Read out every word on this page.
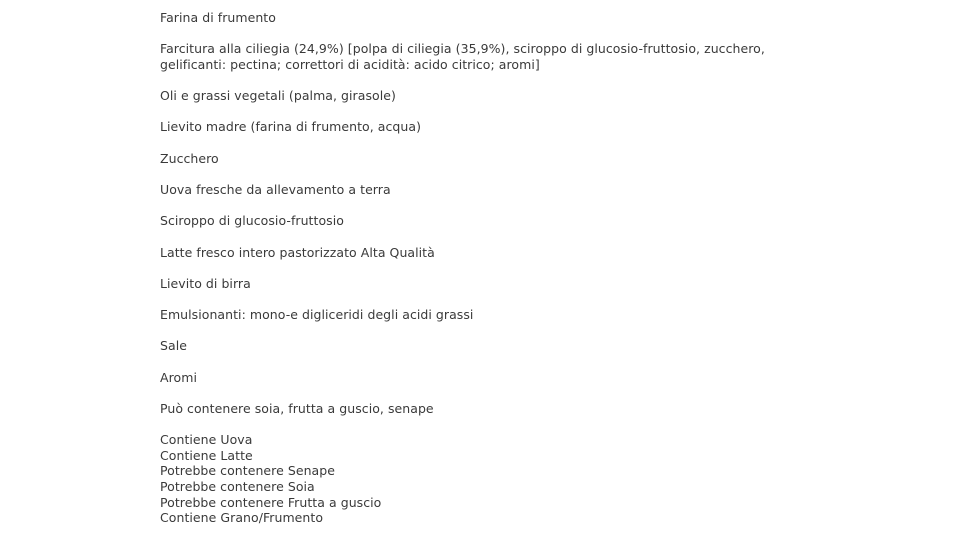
Farina di frumento

Farcitura alla ciliegia (24,9%) [polpa di ciliegia (35,9%), sciroppo di glucosio-fruttosio, zucchero, gelificanti: pectina; correttori di acidità: acido citrico; aromi]

Oli e grassi vegetali (palma, girasole)

Lievito madre (farina di frumento, acqua)

Zucchero

Uova fresche da allevamento a terra

Sciroppo di glucosio-fruttosio

Latte fresco intero pastorizzato Alta Qualità

Lievito di birra

Emulsionanti: mono-e digliceridi degli acidi grassi

Sale

Aromi

Può contenere soia, frutta a guscio, senape

Contiene Uova
Contiene Latte
Potrebbe contenere Senape
Potrebbe contenere Soia
Potrebbe contenere Frutta a guscio
Contiene Grano/Frumento
